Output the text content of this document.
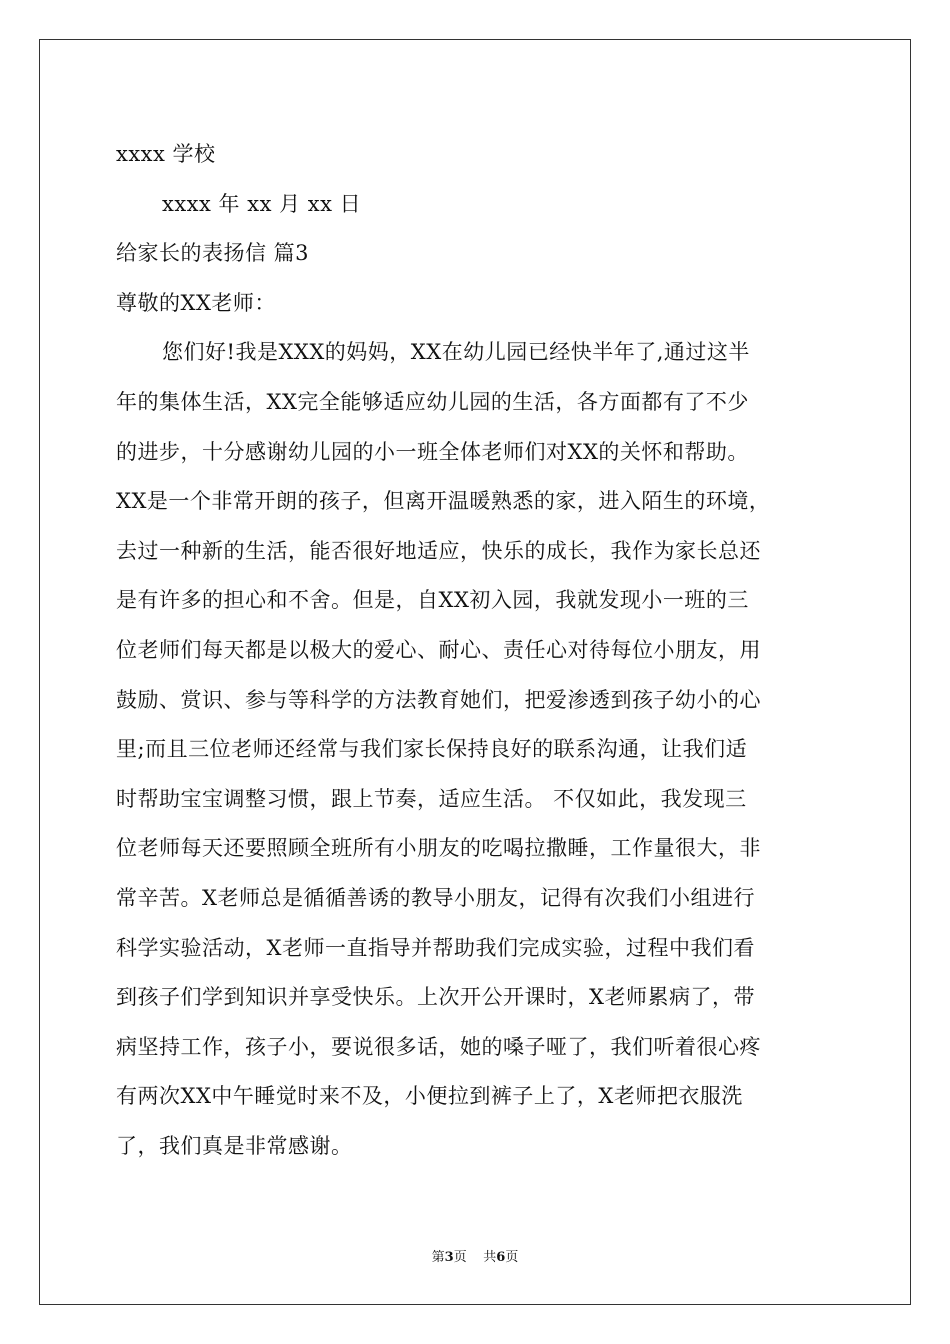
xxxx 学校
xxxx 年 xx 月 xx 日
给家长的表扬信 篇3
尊敬的XX老师：
您们好!我是XXX的妈妈，XX在幼儿园已经快半年了,通过这半
年的集体生活，XX完全能够适应幼儿园的生活，各方面都有了不少
的进步，十分感谢幼儿园的小一班全体老师们对XX的关怀和帮助。
XX是一个非常开朗的孩子，但离开温暖熟悉的家，进入陌生的环境，
去过一种新的生活，能否很好地适应，快乐的成长，我作为家长总还
是有许多的担心和不舍。但是，自XX初入园，我就发现小一班的三
位老师们每天都是以极大的爱心、耐心、责任心对待每位小朋友，用
鼓励、赏识、参与等科学的方法教育她们，把爱渗透到孩子幼小的心
里;而且三位老师还经常与我们家长保持良好的联系沟通，让我们适
时帮助宝宝调整习惯，跟上节奏，适应生活。 不仅如此，我发现三
位老师每天还要照顾全班所有小朋友的吃喝拉撒睡，工作量很大，非
常辛苦。X老师总是循循善诱的教导小朋友，记得有次我们小组进行
科学实验活动，X老师一直指导并帮助我们完成实验，过程中我们看
到孩子们学到知识并享受快乐。上次开公开课时，X老师累病了，带
病坚持工作，孩子小，要说很多话，她的嗓子哑了，我们听着很心疼
有两次XX中午睡觉时来不及，小便拉到裤子上了，X老师把衣服洗
了，我们真是非常感谢。
第3页 共6页
